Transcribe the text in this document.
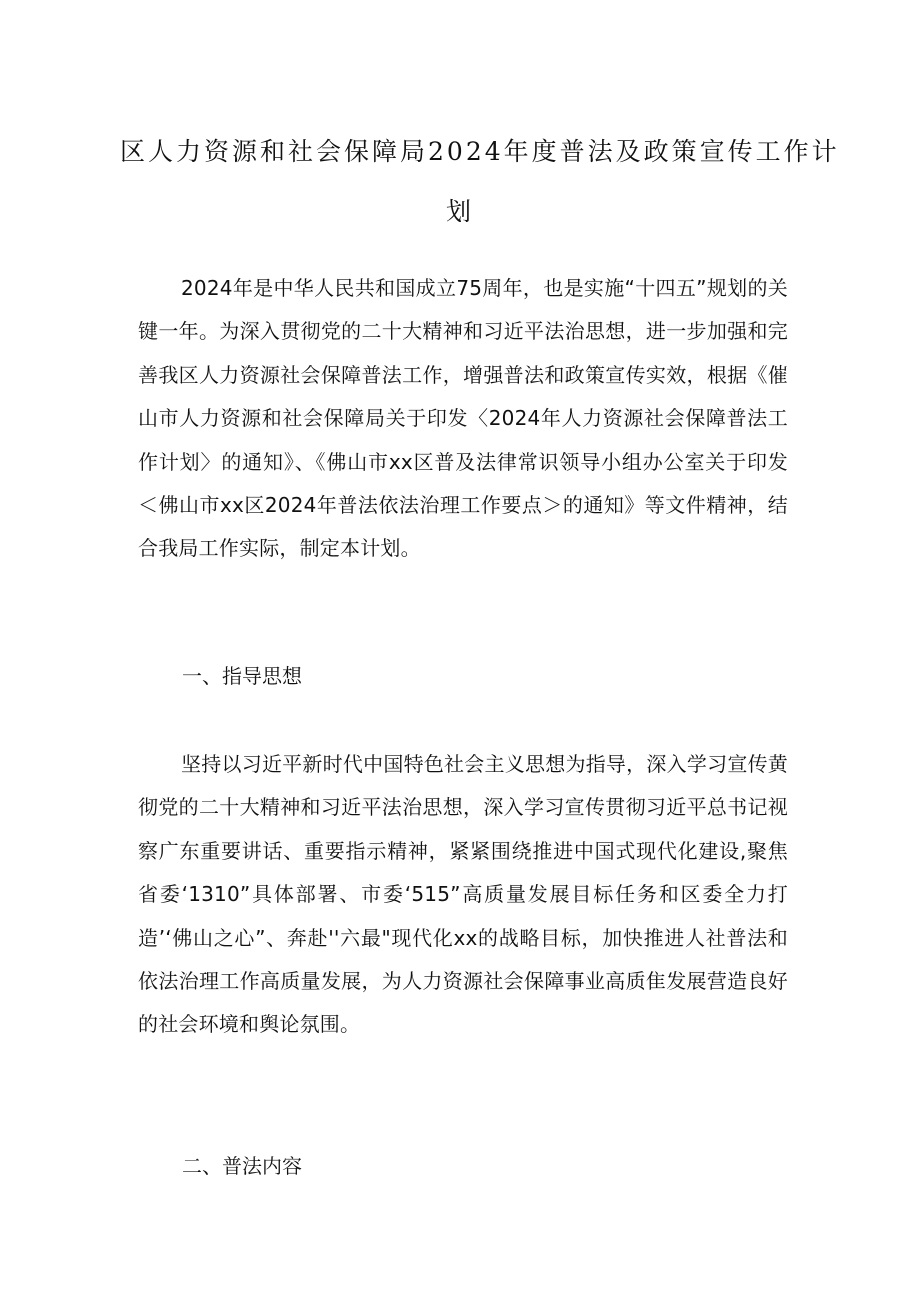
区人力资源和社会保障局2024年度普法及政策宣传工作计
划

2024年是中华人民共和国成立75周年，也是实施“十四五”规划的关键一年。为深入贯彻党的二十大精神和习近平法治思想，进一步加强和完善我区人力资源社会保障普法工作，增强普法和政策宣传实效，根据《催山市人力资源和社会保障局关于印发〈2024年人力资源社会保障普法工作计划〉的通知》、《佛山市xx区普及法律常识领导小组办公室关于印发＜佛山市xx区2024年普法依法治理工作要点＞的通知》等文件精神，结合我局工作实际，制定本计划。

一、指导思想

坚持以习近平新时代中国特色社会主义思想为指导，深入学习宣传黄彻党的二十大精神和习近平法治思想，深入学习宣传贯彻习近平总书记视察广东重要讲话、重要指示精神，紧紧围绕推进中国式现代化建设,聚焦省委‘1310”具体部署、市委‘515”高质量发展目标任务和区委全力打造’‘佛山之心”、奔赴''六最"现代化xx的战略目标，加快推进人社普法和依法治理工作高质量发展，为人力资源社会保障事业高质隹发展营造良好的社会环境和舆论氛围。

二、普法内容
